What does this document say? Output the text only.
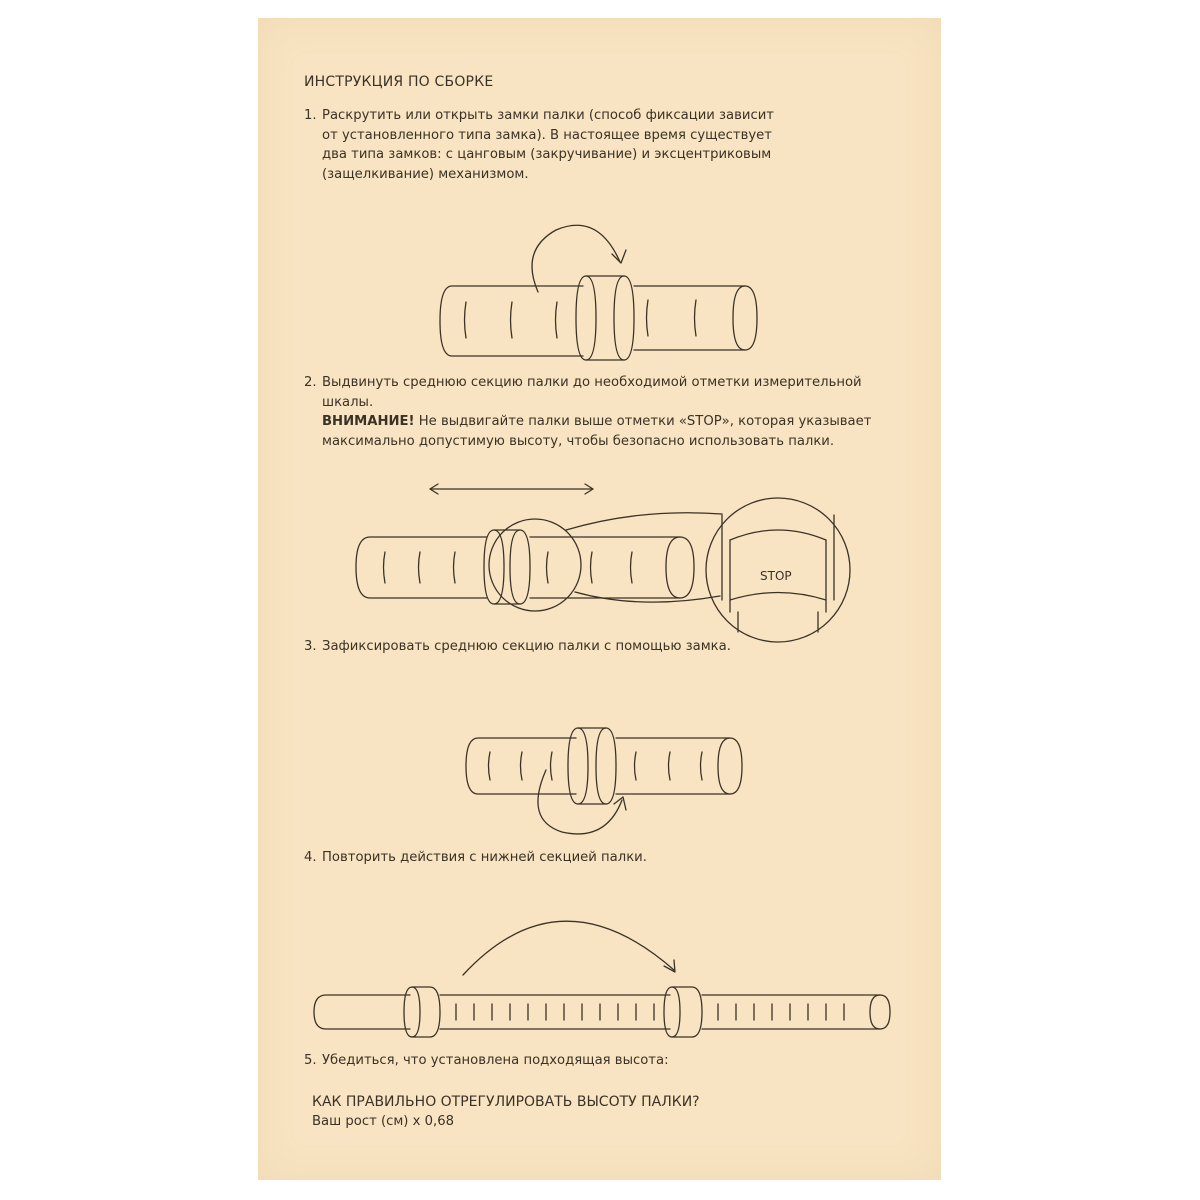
ИНСТРУКЦИЯ ПО СБОРКЕ
1. Раскрутить или открыть замки палки (способ фиксации зависит
от установленного типа замка). В настоящее время существует
два типа замков: с цанговым (закручивание) и эксцентриковым
(защелкивание) механизмом.
2. Выдвинуть среднюю секцию палки до необходимой отметки измерительной
шкалы.
ВНИМАНИЕ! Не выдвигайте палки выше отметки «STOP», которая указывает
максимально допустимую высоту, чтобы безопасно использовать палки.
3. Зафиксировать среднюю секцию палки с помощью замка.
4. Повторить действия с нижней секцией палки.
5. Убедиться, что установлена подходящая высота:
КАК ПРАВИЛЬНО ОТРЕГУЛИРОВАТЬ ВЫСОТУ ПАЛКИ?
Ваш рост (см) х 0,68
STOP
